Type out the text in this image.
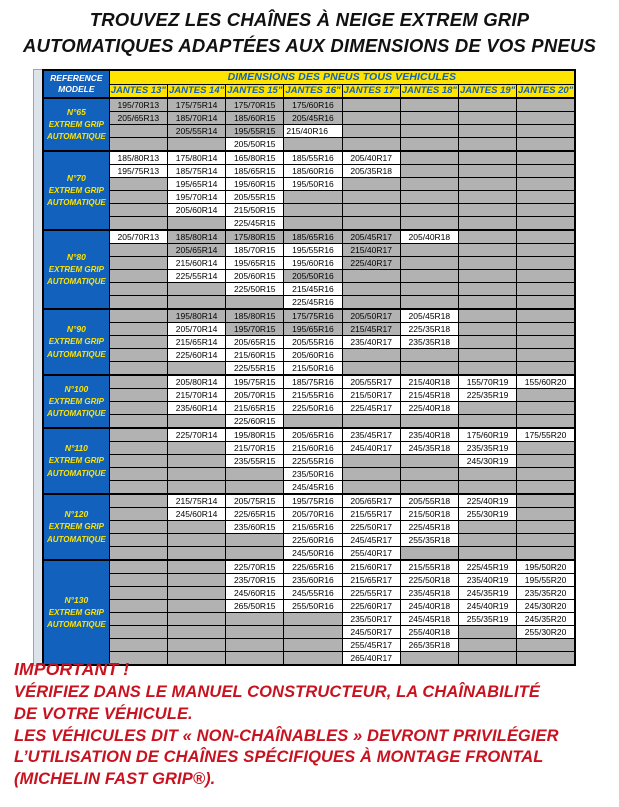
TROUVEZ LES CHAÎNES À NEIGE EXTREM GRIP
AUTOMATIQUES ADAPTÉES AUX DIMENSIONS DE VOS PNEUS
REFERENCE
MODELE	DIMENSIONS DES PNEUS TOUS VEHICULES							
	JANTES 13"	JANTES 14"	JANTES 15"	JANTES 16"	JANTES 17"	JANTES 18"	JANTES 19"	JANTES 20"

N°65
EXTREM GRIP
AUTOMATIQUE	195/70R13	175/75R14	175/70R15	175/60R16				
	205/65R13	185/70R14	185/60R15	205/45R16				
		205/55R14	195/55R15	215/40R16				
			205/50R15					

N°70
EXTREM GRIP
AUTOMATIQUE	185/80R13	175/80R14	165/80R15	185/55R16	205/40R17			
	195/75R13	185/75R14	185/65R15	185/60R16	205/35R18			
		195/65R14	195/60R15	195/50R16				
		195/70R14	205/55R15					
		205/60R14	215/50R15					
			225/45R15					

N°80
EXTREM GRIP
AUTOMATIQUE	205/70R13	185/80R14	175/80R15	185/65R16	205/45R17	205/40R18		
		205/65R14	185/70R15	195/55R16	215/40R17			
		215/60R14	195/65R15	195/60R16	225/40R17			
		225/55R14	205/60R15	205/50R16				
			225/50R15	215/45R16				
				225/45R16				

N°90
EXTREM GRIP
AUTOMATIQUE		195/80R14	185/80R15	175/75R16	205/50R17	205/45R18		
		205/70R14	195/70R15	195/65R16	215/45R17	225/35R18		
		215/65R14	205/65R15	205/55R16	235/40R17	235/35R18		
		225/60R14	215/60R15	205/60R16				
			225/55R15	215/50R16				

N°100
EXTREM GRIP
AUTOMATIQUE		205/80R14	195/75R15	185/75R16	205/55R17	215/40R18	155/70R19	155/60R20
		215/70R14	205/70R15	215/55R16	215/50R17	215/45R18	225/35R19	
		235/60R14	215/65R15	225/50R16	225/45R17	225/40R18		
			225/60R15					

N°110
EXTREM GRIP
AUTOMATIQUE		225/70R14	195/80R15	205/65R16	235/45R17	235/40R18	175/60R19	175/55R20
			215/70R15	215/60R16	245/40R17	245/35R18	235/35R19	
			235/55R15	225/55R16			245/30R19	
				235/50R16				
				245/45R16				

N°120
EXTREM GRIP
AUTOMATIQUE		215/75R14	205/75R15	195/75R16	205/65R17	205/55R18	225/40R19	
		245/60R14	225/65R15	205/70R16	215/55R17	215/50R18	255/30R19	
			235/60R15	215/65R16	225/50R17	225/45R18		
				225/60R16	245/45R17	255/35R18		
				245/50R16	255/40R17			

N°130
EXTREM GRIP
AUTOMATIQUE			225/70R15	225/65R16	215/60R17	215/55R18	225/45R19	195/50R20
			235/70R15	235/60R16	215/65R17	225/50R18	235/40R19	195/55R20
			245/60R15	245/55R16	225/55R17	235/45R18	245/35R19	235/35R20
			265/50R15	255/50R16	225/60R17	245/40R18	245/40R19	245/30R20
					235/50R17	245/45R18	255/35R19	245/35R20
					245/50R17	255/40R18		255/30R20
					255/45R17	265/35R18		
					265/40R17			
IMPORTANT !
VÉRIFIEZ DANS LE MANUEL CONSTRUCTEUR, LA CHAÎNABILITÉ
DE VOTRE VÉHICULE.
LES VÉHICULES DIT « NON-CHAÎNABLES » DEVRONT PRIVILÉGIER
L’UTILISATION DE CHAÎNES SPÉCIFIQUES À MONTAGE FRONTAL
(MICHELIN FAST GRIP®).
